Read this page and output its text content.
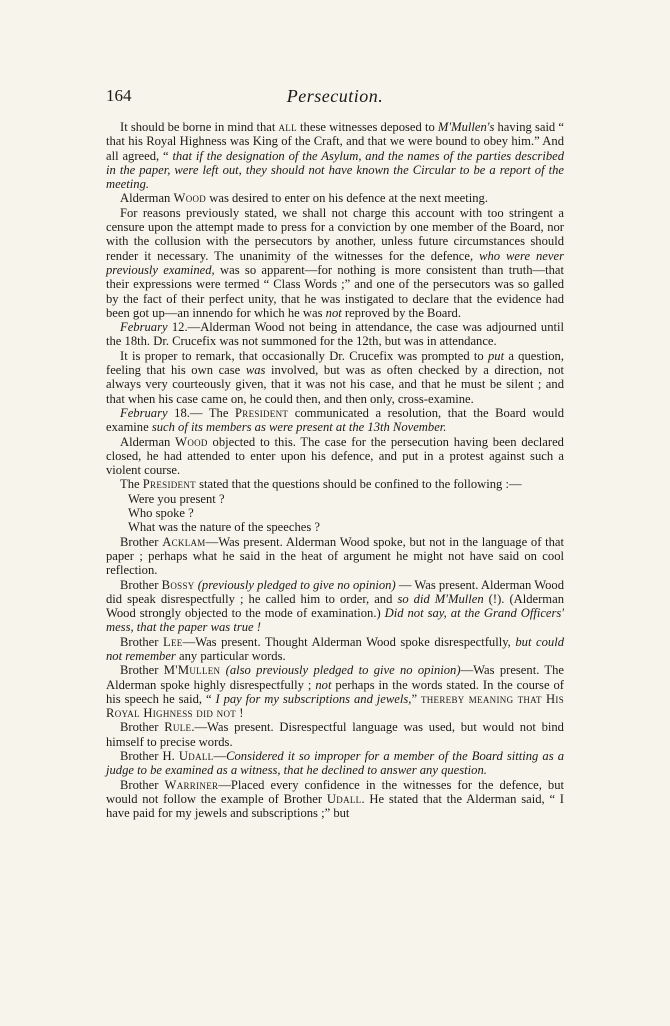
164	Persecution.

It should be borne in mind that all these witnesses deposed to M'Mullen's having said “ that his Royal Highness was King of the Craft, and that we were bound to obey him.” And all agreed, “ that if the designation of the Asylum, and the names of the parties described in the paper, were left out, they should not have known the Circular to be a report of the meeting.

Alderman Wood was desired to enter on his defence at the next meeting.

For reasons previously stated, we shall not charge this account with too stringent a censure upon the attempt made to press for a conviction by one member of the Board, nor with the collusion with the persecutors by another, unless future circumstances should render it necessary. The unanimity of the witnesses for the defence, who were never previously examined, was so apparent—for nothing is more consistent than truth—that their expressions were termed “ Class Words ;” and one of the persecutors was so galled by the fact of their perfect unity, that he was instigated to declare that the evidence had been got up—an innendo for which he was not reproved by the Board.

February 12.—Alderman Wood not being in attendance, the case was adjourned until the 18th. Dr. Crucefix was not summoned for the 12th, but was in attendance.

It is proper to remark, that occasionally Dr. Crucefix was prompted to put a question, feeling that his own case was involved, but was as often checked by a direction, not always very courteously given, that it was not his case, and that he must be silent ; and that when his case came on, he could then, and then only, cross-examine.

February 18.— The President communicated a resolution, that the Board would examine such of its members as were present at the 13th November.

Alderman Wood objected to this. The case for the persecution having been declared closed, he had attended to enter upon his defence, and put in a protest against such a violent course.

The President stated that the questions should be confined to the following :—

Were you present ?

Who spoke ?

What was the nature of the speeches ?

Brother Acklam—Was present. Alderman Wood spoke, but not in the language of that paper ; perhaps what he said in the heat of argument he might not have said on cool reflection.

Brother Bossy (previously pledged to give no opinion) — Was present. Alderman Wood did speak disrespectfully ; he called him to order, and so did M'Mullen (!). (Alderman Wood strongly objected to the mode of examination.) Did not say, at the Grand Officers' mess, that the paper was true !

Brother Lee—Was present. Thought Alderman Wood spoke disrespectfully, but could not remember any particular words.

Brother M'Mullen (also previously pledged to give no opinion)—Was present. The Alderman spoke highly disrespectfully ; not perhaps in the words stated. In the course of his speech he said, “ I pay for my subscriptions and jewels,” thereby meaning that His Royal Highness did not !

Brother Rule.—Was present. Disrespectful language was used, but would not bind himself to precise words.

Brother H. Udall—Considered it so improper for a member of the Board sitting as a judge to be examined as a witness, that he declined to answer any question.

Brother Warriner—Placed every confidence in the witnesses for the defence, but would not follow the example of Brother Udall. He stated that the Alderman said, “ I have paid for my jewels and subscriptions ;” but
